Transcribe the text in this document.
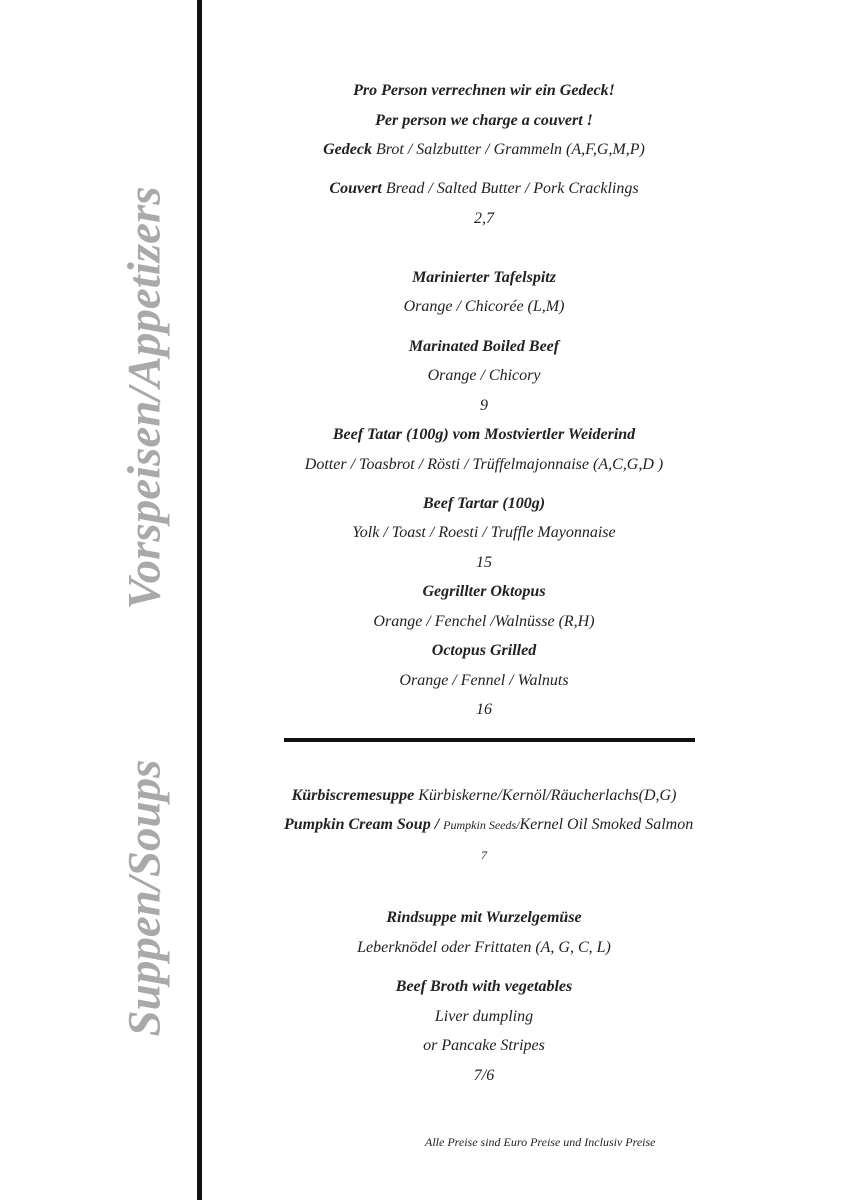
Vorspeisen/Appetizers
Suppen/Soups
Pro Person verrechnen wir ein Gedeck!
Per person we charge a couvert !
Gedeck Brot / Salzbutter / Grammeln (A,F,G,M,P)
Couvert Bread / Salted Butter / Pork Cracklings
2,7
Marinierter Tafelspitz
Orange / Chicorée (L,M)
Marinated Boiled Beef
Orange / Chicory
9
Beef Tatar (100g) vom Mostviertler Weiderind
Dotter / Toasbrot / Rösti / Trüffelmajonnaise (A,C,G,D )
Beef Tartar (100g)
Yolk / Toast / Roesti / Truffle Mayonnaise
15
Gegrillter Oktopus
Orange / Fenchel /Walnüsse (R,H)
Octopus Grilled
Orange / Fennel / Walnuts
16
Kürbiscremesuppe Kürbiskerne/Kernöl/Räucherlachs(D,G)
Pumpkin Cream Soup / Pumpkin Seeds/Kernel Oil Smoked Salmon
7
Rindsuppe mit Wurzelgemüse
Leberknödel oder Frittaten (A, G, C, L)
Beef Broth with vegetables
Liver dumpling
or Pancake Stripes
7/6
Alle Preise sind Euro Preise und Inclusiv Preise
